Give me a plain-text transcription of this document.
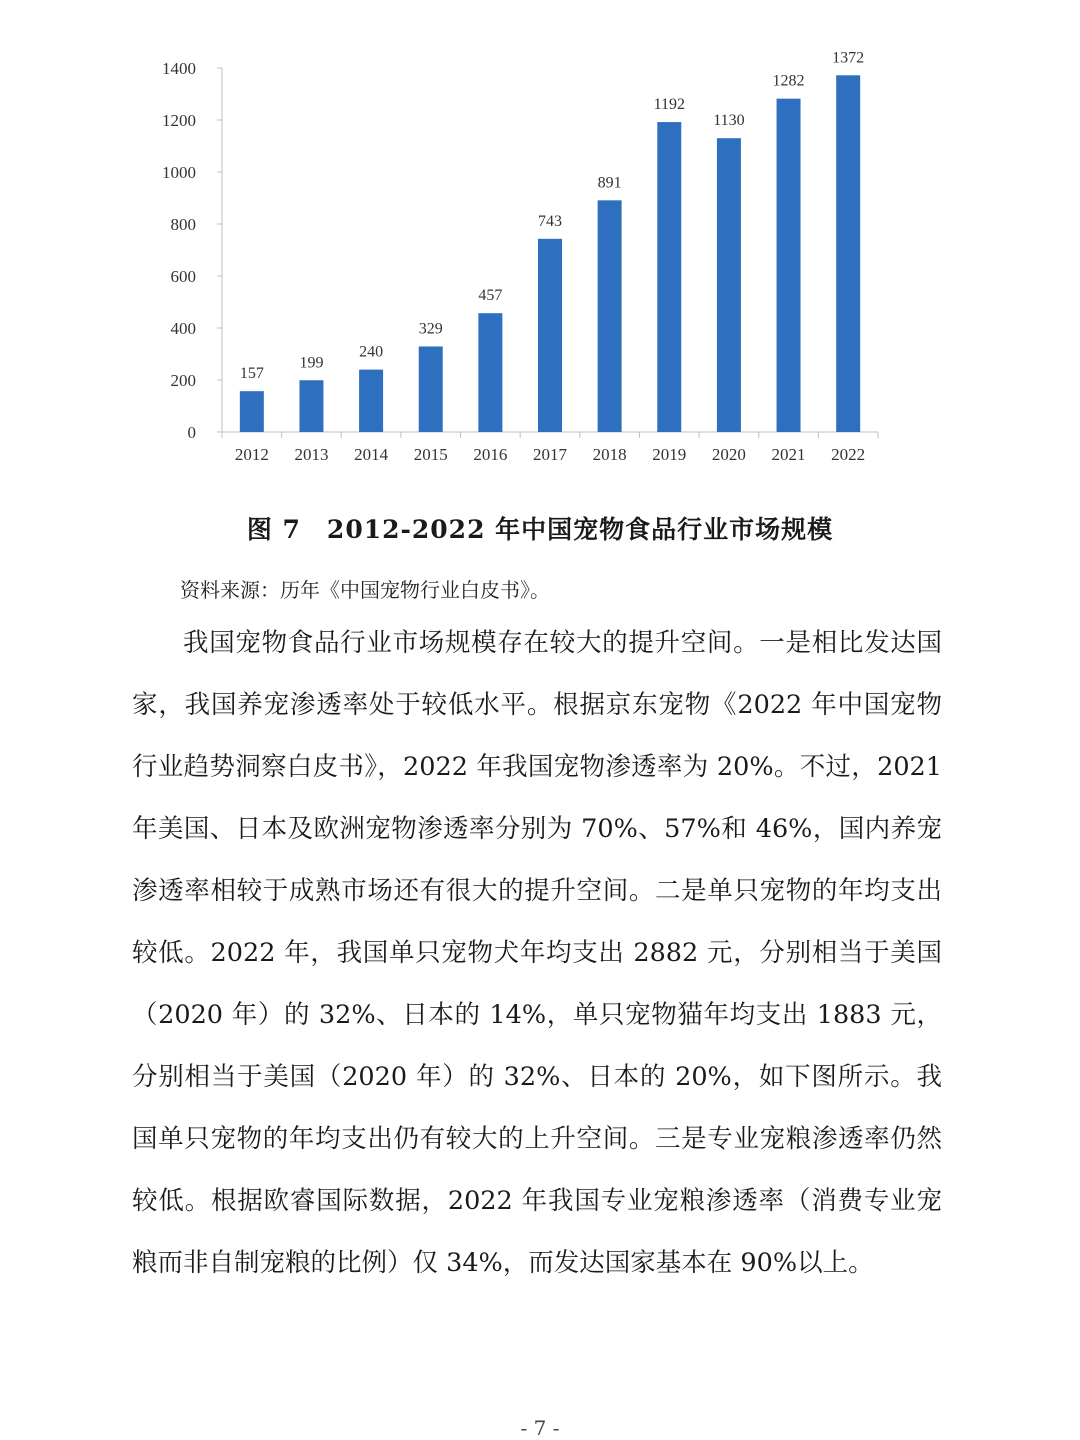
0
200
400
600
800
1000
1200
1400
157
2012
199
2013
240
2014
329
2015
457
2016
743
2017
891
2018
1192
2019
1130
2020
1282
2021
1372
2022
图 7　2012-2022 年中国宠物食品行业市场规模
资料来源：历年《中国宠物行业白皮书》。

我国宠物食品行业市场规模存在较大的提升空间。一是相比发达国家，我国养宠渗透率处于较低水平。根据京东宠物《2022 年中国宠物行业趋势洞察白皮书》，2022 年我国宠物渗透率为 20%。不过，2021 年美国、日本及欧洲宠物渗透率分别为 70%、57%和 46%，国内养宠渗透率相较于成熟市场还有很大的提升空间。二是单只宠物的年均支出较低。2022 年，我国单只宠物犬年均支出 2882 元，分别相当于美国（2020 年）的 32%、日本的 14%，单只宠物猫年均支出 1883 元，分别相当于美国（2020 年）的 32%、日本的 20%，如下图所示。我国单只宠物的年均支出仍有较大的上升空间。三是专业宠粮渗透率仍然较低。根据欧睿国际数据，2022 年我国专业宠粮渗透率（消费专业宠粮而非自制宠粮的比例）仅 34%，而发达国家基本在 90%以上。

- 7 -
